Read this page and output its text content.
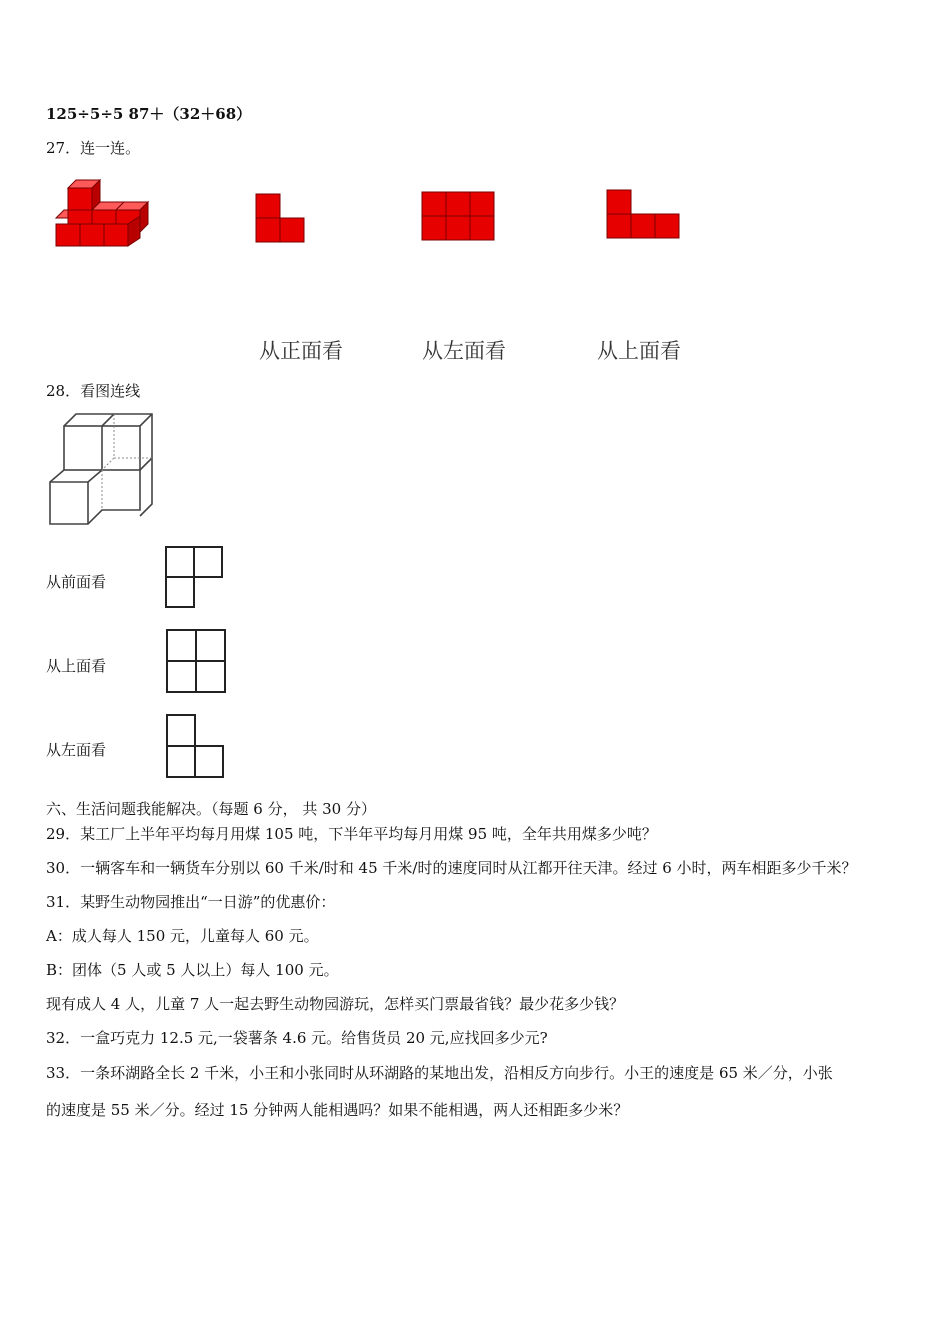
125÷5÷5 87＋（32＋68）
27．连一连。
从正面看	从左面看	从上面看
28．看图连线
从前面看
从上面看
从左面看
六、生活问题我能解决。（每题 6 分， 共 30 分）
29．某工厂上半年平均每月用煤 105 吨，下半年平均每月用煤 95 吨，全年共用煤多少吨？
30．一辆客车和一辆货车分别以 60 千米/时和 45 千米/时的速度同时从江都开往天津。经过 6 小时，两车相距多少千米？
31．某野生动物园推出“一日游”的优惠价：
A：成人每人 150 元，儿童每人 60 元。
B：团体（5 人或 5 人以上）每人 100 元。
现有成人 4 人，儿童 7 人一起去野生动物园游玩，怎样买门票最省钱？最少花多少钱？
32．一盒巧克力 12.5 元,一袋薯条 4.6 元。给售货员 20 元,应找回多少元?
33．一条环湖路全长 2 千米，小王和小张同时从环湖路的某地出发，沿相反方向步行。小王的速度是 65 米／分，小张
的速度是 55 米／分。经过 15 分钟两人能相遇吗？如果不能相遇，两人还相距多少米？
